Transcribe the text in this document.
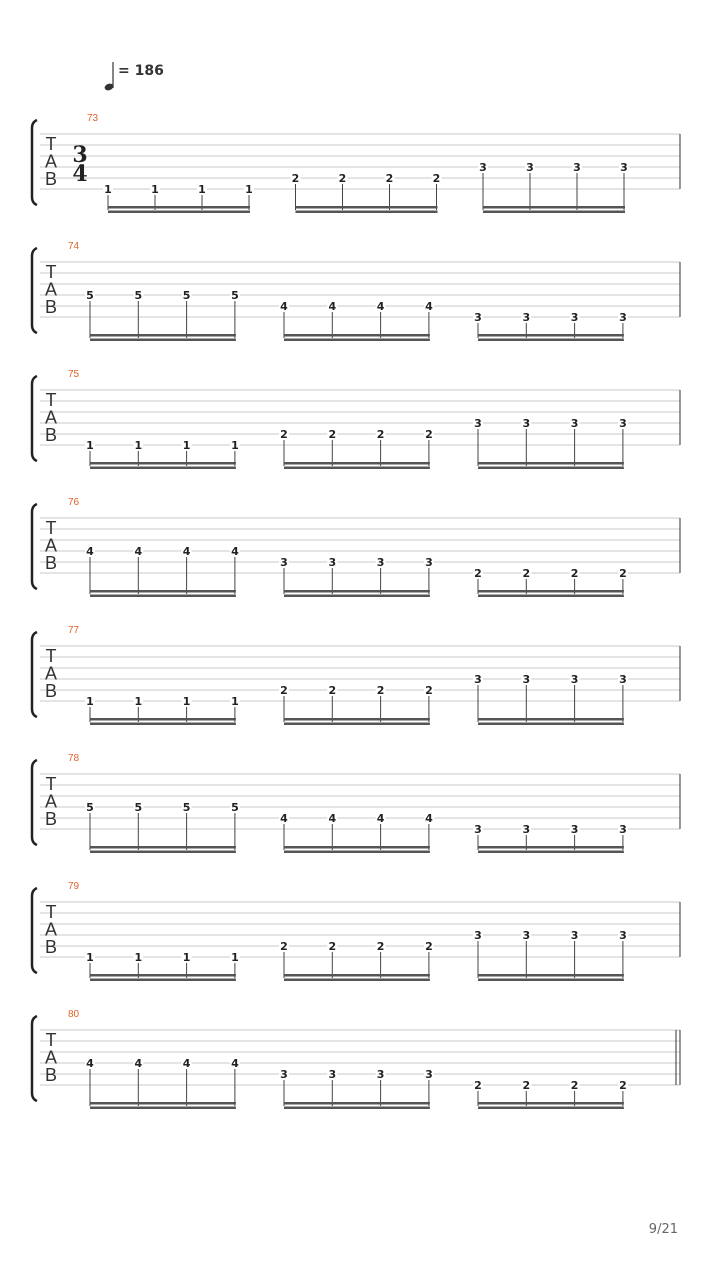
= 186
T
A
B
73
3
4
1	1	1	1
2	2	2	2
3	3	3	3
T
A
B
74
5	5	5	5
4	4	4	4
3	3	3	3
T
A
B
75
1	1	1	1
2	2	2	2
3	3	3	3
T
A
B
76
4	4	4	4
3	3	3	3
2	2	2	2
T
A
B
77
1	1	1	1
2	2	2	2
3	3	3	3
T
A
B
78
5	5	5	5
4	4	4	4
3	3	3	3
T
A
B
79
1	1	1	1
2	2	2	2
3	3	3	3
T
A
B
80
4	4	4	4
3	3	3	3
2	2	2	2
9/21
